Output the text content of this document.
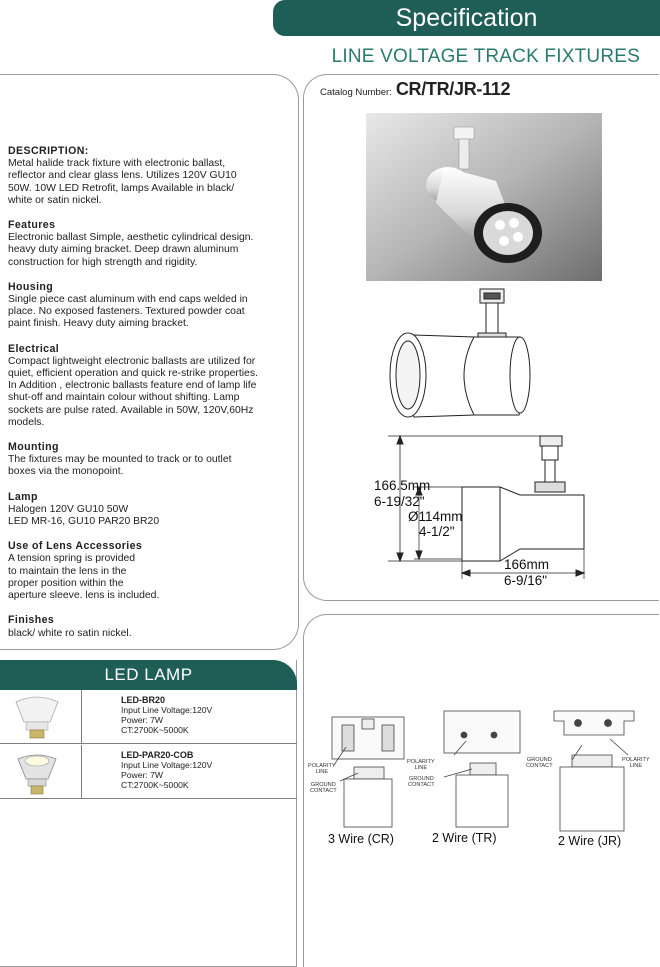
Specification
LINE VOLTAGE TRACK FIXTURES
DESCRIPTION:
Metal halide track fixture with electronic ballast,
reflector and clear glass lens. Utilizes 120V GU10
50W. 10W LED Retrofit, lamps Available in black/
white or satin nickel.
Features
Electronic ballast Simple, aesthetic cylindrical design.
heavy duty aiming bracket. Deep drawn aluminum
construction for high strength and rigidity.
Housing
Single piece cast aluminum with end caps welded in
place. No exposed fasteners. Textured powder coat
paint finish. Heavy duty aiming bracket.
Electrical
Compact lightweight electronic ballasts are utilized for
quiet, efficient operation and quick re-strike properties.
In Addition , electronic ballasts feature end of lamp life
shut-off and maintain colour without shifting. Lamp
sockets are pulse rated. Available in 50W, 120V,60Hz
models.
Mounting
The fixtures may be mounted to track or to outlet
boxes via the monopoint.
Lamp
Halogen 120V GU10 50W
LED MR-16, GU10 PAR20 BR20
Use of Lens Accessories
A tension spring is provided
to maintain the lens in the
proper position within the
aperture sleeve. lens is included.
Finishes
black/ white ro satin nickel.
Catalog Number: CR/TR/JR-112
166.5mm
6-19/32"
Ø114mm
4-1/2"
166mm
6-9/16"
LED LAMP
LED-BR20
Input Line Voltage:120V
Power: 7W
CT:2700K~5000K
LED-PAR20-COB
Input Line Voltage:120V
Power: 7W
CT:2700K~5000K
POLARITY
LINE
GROUND
CONTACT
POLARITY
LINE
GROUND
CONTACT
GROUND
CONTACT
POLARITY
LINE
3 Wire (CR)	2 Wire (TR)	2 Wire (JR)
